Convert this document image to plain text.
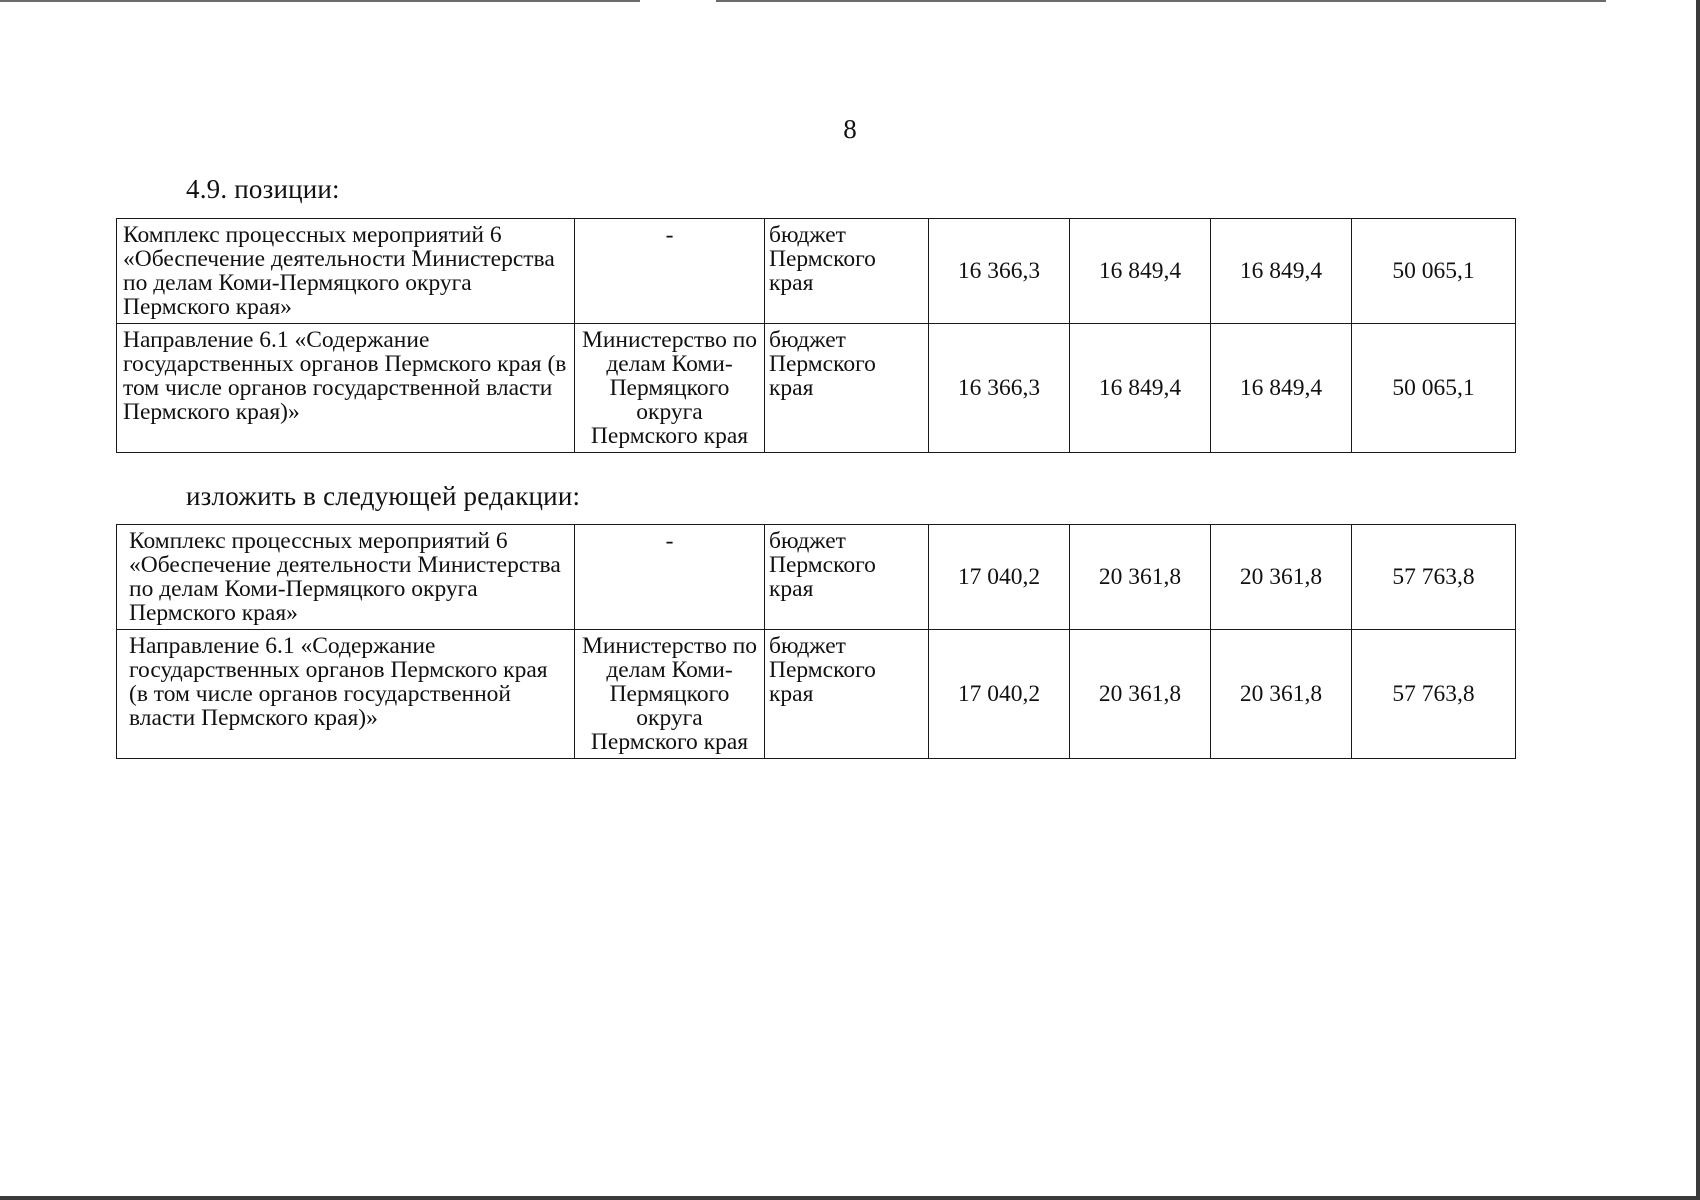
8
4.9. позиции:
Комплекс процессных мероприятий 6 «Обеспечение деятельности Министерства по делам Коми-Пермяцкого округа Пермского края»	-	бюджет Пермского края	16 366,3	16 849,4	16 849,4	50 065,1
Направление 6.1 «Содержание государственных органов Пермского края (в том числе органов государственной власти Пермского края)»	Министерство по делам Коми-Пермяцкого округа Пермского края	бюджет Пермского края	16 366,3	16 849,4	16 849,4	50 065,1
изложить в следующей редакции:
Комплекс процессных мероприятий 6 «Обеспечение деятельности Министерства по делам Коми-Пермяцкого округа Пермского края»	-	бюджет Пермского края	17 040,2	20 361,8	20 361,8	57 763,8
Направление 6.1 «Содержание государственных органов Пермского края (в том числе органов государственной власти Пермского края)»	Министерство по делам Коми-Пермяцкого округа Пермского края	бюджет Пермского края	17 040,2	20 361,8	20 361,8	57 763,8
